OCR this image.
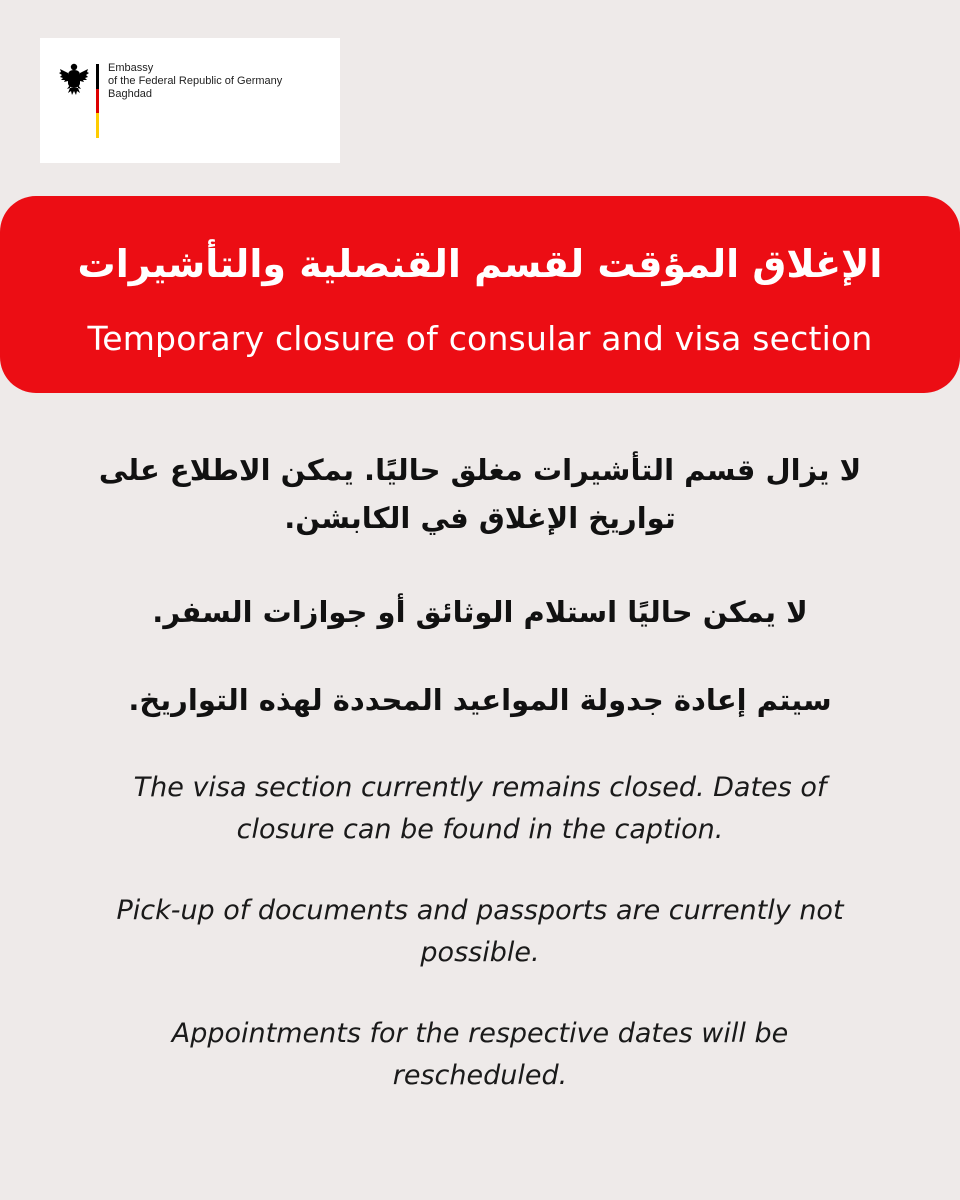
Embassy
of the Federal Republic of Germany
Baghdad
الإغلاق المؤقت لقسم القنصلية والتأشيرات
Temporary closure of consular and visa section
لا يزال قسم التأشيرات مغلق حاليًا. يمكن الاطلاع على تواريخ الإغلاق في الكابشن.
لا يمكن حاليًا استلام الوثائق أو جوازات السفر.
سيتم إعادة جدولة المواعيد المحددة لهذه التواريخ.
The visa section currently remains closed. Dates of closure can be found in the caption.
Pick-up of documents and passports are currently not possible.
Appointments for the respective dates will be rescheduled.
